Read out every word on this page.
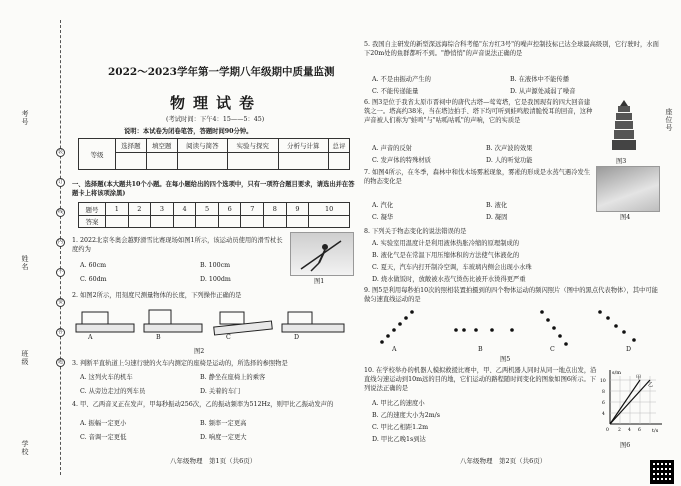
考号
姓名
班级
学校
座位号
装
订
线
内
不
要
答
题
2022～2023学年第一学期八年级期中质量监测
物理试卷
(考试时间：下午4：15——5：45)
说明：本试卷为闭卷笔答，答题时间90分钟。
等级	选择题	填空题	阅读与简答	实验与探究	分析与计算	总评

一、选择题(本大题共10个小题。在每小题给出的四个选项中，只有一项符合题目要求，请选出并在答题卡上将该项涂黑)
题号	1	2	3	4	5	6	7	8	9	10
答案										
1. 2022北京冬奥会越野滑雪比赛现场如图1所示，该运动员使用的滑雪杖长度约为
A. 60cm	B. 100cm
C. 60dm	D. 100dm	图1
2. 如图2所示，用刻度尺测量物体的长度，下列操作正确的是
A	B	C	D
图2
3. 判断平直轨道上匀速行驶的火车内测定的座椅是运动的，所选择的参照物是
A. 这列火车的机车	B. 静坐在座椅上的乘客
C. 从旁边走过的列车员	D. 关着的车门
4. 甲、乙两音叉正在发声，甲每秒振动256次，乙的振动频率为512Hz，则甲比乙振动发声的
A. 振幅一定更小	B. 频率一定更高
C. 音调一定更低	D. 响度一定更大
八年级物理　第1页（共6页）
5. 我国自主研发的新型深远海综合科考船"东方红3号"的噪声控制技标已达全球最高级别，它行驶时，水面下20m处的鱼群都听不到。"静悄悄"的声音说法正确的是
A. 不是由振动产生的	B. 在液体中不能传播
C. 不能传递能量	D. 从声源处减弱了噪音
6. 图3是位于我省太原市晋祠中的唐代古塔—莺莺塔，它是我国现有的四大回音建筑之一。塔高约38米，当在塔边拍手、塔下均可听到蛙鸣般清脆悦耳的回音，这种声音被人们称为"蛙鸣"与"咕呱咕呱"的声响，它的实质是
A. 声音的反射	B. 次声波的效果
C. 发声体的特殊材质	D. 人的听觉功能	图3
7. 如图4所示，在冬季，森林中和伐木场雾凇现象，雾凇的形成是水蒸气遇冷发生的物态变化是
A. 汽化	B. 液化
C. 凝华	D. 凝固	图4
8. 下列关于物态变化的说法错误的是
A. 实验室用温度计是利用液体热胀冷缩的原理制成的
B. 液化气是在常温下用压缩体积的方法使气体液化的
C. 夏天，汽车内打开制冷空调，车玻璃内侧会出现小水珠
D. 烧水做饭时，放敞被水蒸气烫伤比被开水烫得更严重
9. 图5是利用每秒拍10次的照相装置拍摄到的四个物体运动的频闪照片（图中的黑点代表物体），其中可能做匀速直线运动的是
A	B	C	D
图5
10. 在学校举办的机器人模拟救援比赛中，甲、乙两机器人同时从同一地点出发，沿直线匀速运动到10m远的目的地，它们运动的路程随时间变化的图象如图6所示。下列说法正确的是
A. 甲比乙的速度小
B. 乙的速度大小为2m/s
C. 甲比乙相距1.2m
D. 甲比乙晚1s到达
s/m
t/s
甲
乙
10
8
6
4
0 2 4 6
图6
八年级物理　第2页（共6页）
